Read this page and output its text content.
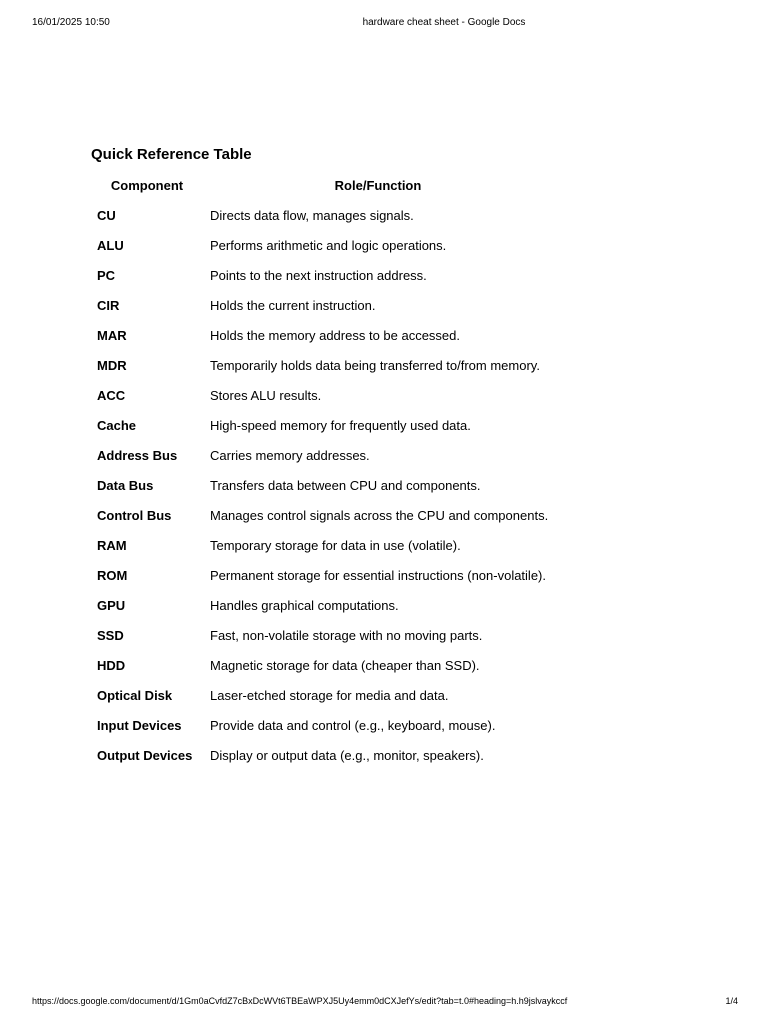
16/01/2025 10:50	hardware cheat sheet - Google Docs
Quick Reference Table
Component	Role/Function
CU	Directs data flow, manages signals.
ALU	Performs arithmetic and logic operations.
PC	Points to the next instruction address.
CIR	Holds the current instruction.
MAR	Holds the memory address to be accessed.
MDR	Temporarily holds data being transferred to/from memory.
ACC	Stores ALU results.
Cache	High-speed memory for frequently used data.
Address Bus	Carries memory addresses.
Data Bus	Transfers data between CPU and components.
Control Bus	Manages control signals across the CPU and components.
RAM	Temporary storage for data in use (volatile).
ROM	Permanent storage for essential instructions (non-volatile).
GPU	Handles graphical computations.
SSD	Fast, non-volatile storage with no moving parts.
HDD	Magnetic storage for data (cheaper than SSD).
Optical Disk	Laser-etched storage for media and data.
Input Devices	Provide data and control (e.g., keyboard, mouse).
Output Devices	Display or output data (e.g., monitor, speakers).
https://docs.google.com/document/d/1Gm0aCvfdZ7cBxDcWVt6TBEaWPXJ5Uy4emm0dCXJefYs/edit?tab=t.0#heading=h.h9jslvaykccf	1/4
